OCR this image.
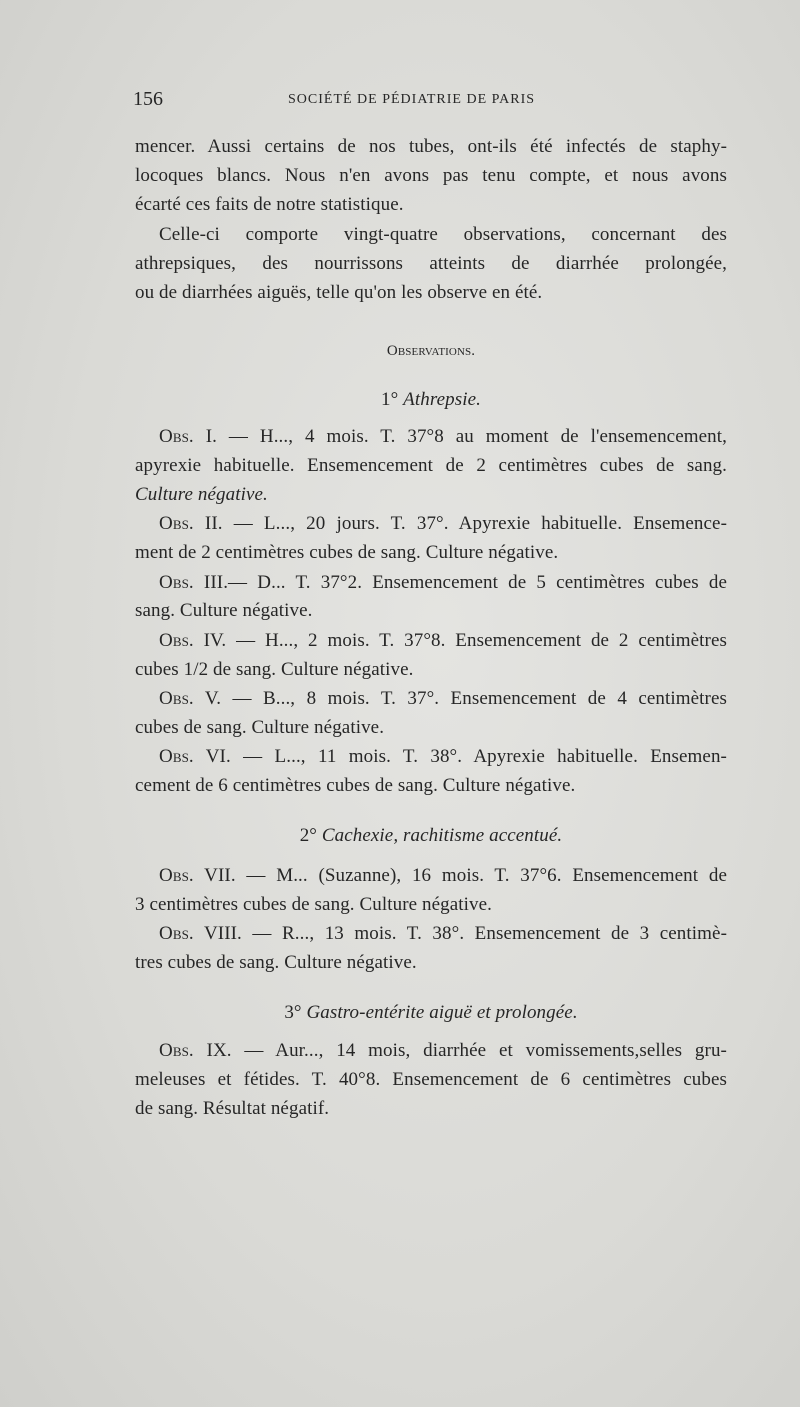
156	SOCIÉTÉ DE PÉDIATRIE DE PARIS
mencer. Aussi certains de nos tubes, ont-ils été infectés de staphy-
locoques blancs. Nous n'en avons pas tenu compte, et nous avons
écarté ces faits de notre statistique.
Celle-ci comporte vingt-quatre observations, concernant des
athrepsiques, des nourrissons atteints de diarrhée prolongée,
ou de diarrhées aiguës, telle qu'on les observe en été.
Observations.
1° Athrepsie.
Obs. I. — H..., 4 mois. T. 37°8 au moment de l'ensemencement,
apyrexie habituelle. Ensemencement de 2 centimètres cubes de sang.
Culture négative.
Obs. II. — L..., 20 jours. T. 37°. Apyrexie habituelle. Ensemence-
ment de 2 centimètres cubes de sang. Culture négative.
Obs. III.— D... T. 37°2. Ensemencement de 5 centimètres cubes de
sang. Culture négative.
Obs. IV. — H..., 2 mois. T. 37°8. Ensemencement de 2 centimètres
cubes 1/2 de sang. Culture négative.
Obs. V. — B..., 8 mois. T. 37°. Ensemencement de 4 centimètres
cubes de sang. Culture négative.
Obs. VI. — L..., 11 mois. T. 38°. Apyrexie habituelle. Ensemen-
cement de 6 centimètres cubes de sang. Culture négative.
2° Cachexie, rachitisme accentué.
Obs. VII. — M... (Suzanne), 16 mois. T. 37°6. Ensemencement de
3 centimètres cubes de sang. Culture négative.
Obs. VIII. — R..., 13 mois. T. 38°. Ensemencement de 3 centimè-
tres cubes de sang. Culture négative.
3° Gastro-entérite aiguë et prolongée.
Obs. IX. — Aur..., 14 mois, diarrhée et vomissements,selles gru-
meleuses et fétides. T. 40°8. Ensemencement de 6 centimètres cubes
de sang. Résultat négatif.
